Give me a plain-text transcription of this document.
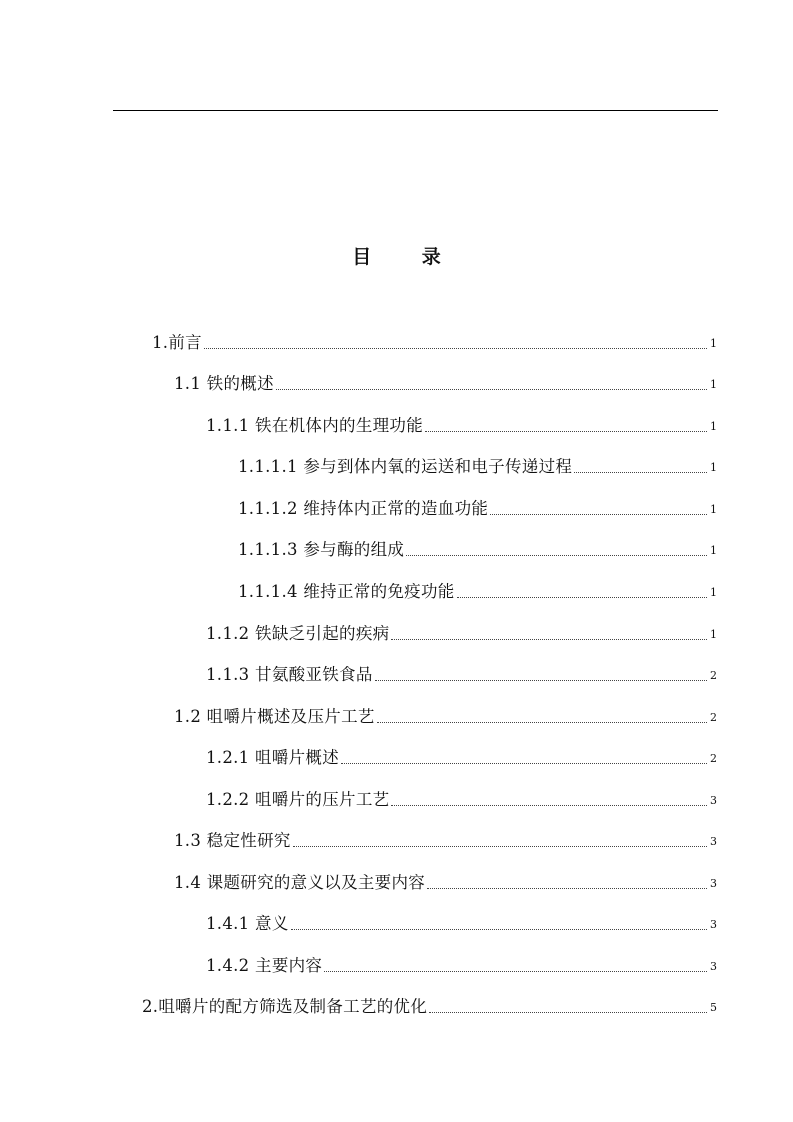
目 录
1.前言	1
1.1 铁的概述	1
1.1.1 铁在机体内的生理功能	1
1.1.1.1 参与到体内氧的运送和电子传递过程	1
1.1.1.2 维持体内正常的造血功能	1
1.1.1.3 参与酶的组成	1
1.1.1.4 维持正常的免疫功能	1
1.1.2 铁缺乏引起的疾病	1
1.1.3 甘氨酸亚铁食品	2
1.2 咀嚼片概述及压片工艺	2
1.2.1 咀嚼片概述	2
1.2.2 咀嚼片的压片工艺	3
1.3 稳定性研究	3
1.4 课题研究的意义以及主要内容	3
1.4.1 意义	3
1.4.2 主要内容	3
2.咀嚼片的配方筛选及制备工艺的优化	5
